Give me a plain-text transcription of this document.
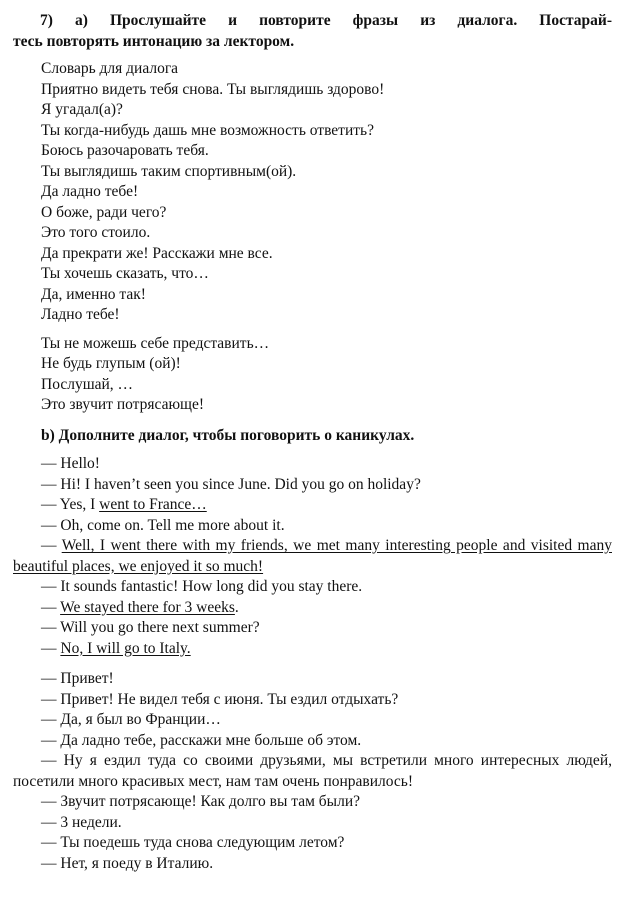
7) а) Прослушайте и повторите фразы из диалога. Постарай-

тесь повторять интонацию за лектором.

Словарь для диалога

Приятно видеть тебя снова. Ты выглядишь здорово!

Я угадал(а)?

Ты когда-нибудь дашь мне возможность ответить?

Боюсь разочаровать тебя.

Ты выглядишь таким спортивным(ой).

Да ладно тебе!

О боже, ради чего?

Это того стоило.

Да прекрати же! Расскажи мне все.

Ты хочешь сказать, что…

Да, именно так!

Ладно тебе!

Ты не можешь себе представить…

Не будь глупым (ой)!

Послушай, …

Это звучит потрясающе!

b) Дополните диалог, чтобы поговорить о каникулах.

— Hello!

— Hi! I haven’t seen you since June. Did you go on holiday?

— Yes, I went to France…

— Oh, come on. Tell me more about it.

— Well, I went there with my friends, we met many interesting people and visited many beautiful places, we enjoyed it so much!

— It sounds fantastic! How long did you stay there.

— We stayed there for 3 weeks.

— Will you go there next summer?

— No, I will go to Italy.

— Привет!

— Привет! Не видел тебя с июня. Ты ездил отдыхать?

— Да, я был во Франции…

— Да ладно тебе, расскажи мне больше об этом.

— Ну я ездил туда со своими друзьями, мы встретили много интересных людей, посетили много красивых мест, нам там очень понравилось!

— Звучит потрясающе! Как долго вы там были?

— 3 недели.

— Ты поедешь туда снова следующим летом?

— Нет, я поеду в Италию.
